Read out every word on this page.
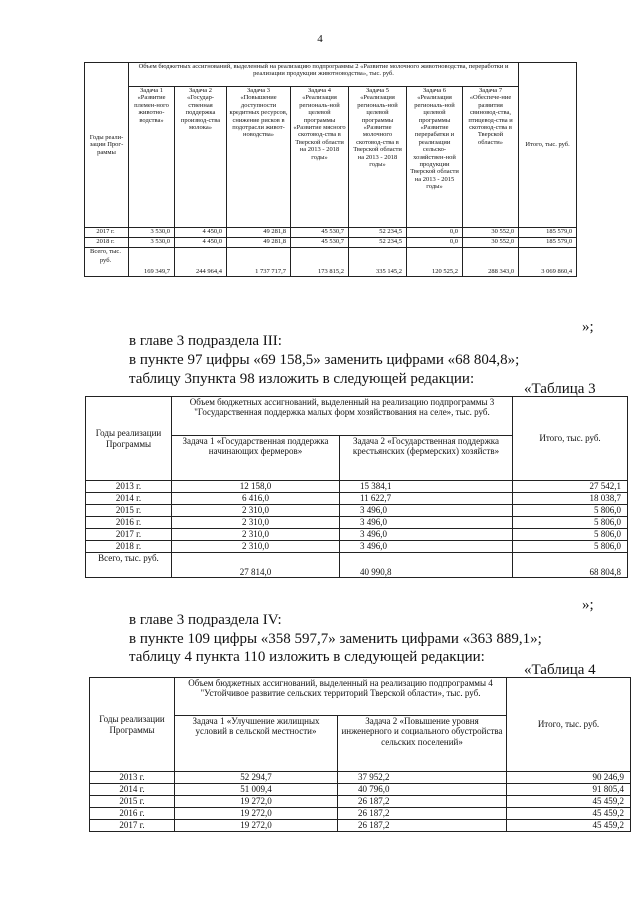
4
Годы реали-зации Прог-раммы	Объем бюджетных ассигнований, выделенный на реализацию подпрограммы 2 «Развитие молочного животноводства, переработки и реализации продукции животноводства», тыс. руб.							Итого, тыс. руб.
	Задача 1 «Развитие племен-ного животно-водства»	Задача 2 «Государ-ственная поддержка производ-ства молока»	Задача 3 «Повышение доступности кредитных ресурсов, снижение рисков в подотрасли живот-новодства»	Задача 4 «Реализация региональ-ной целевой программы «Развитие мясного скотовод-ства в Тверской области на 2013 - 2018 годы»	Задача 5 «Реализация региональ-ной целевой программы «Развитие молочного скотовод-ства в Тверской области на 2013 - 2018 годы»	Задача 6 «Реализация региональ-ной целевой программы «Развитие перерабатки и реализации сельско-хозяйствен-ной продукции Тверской области на 2013 - 2015 годы»	Задача 7 «Обеспече-ние развития свиновод-ства, птицевод-ства и скотовод-ства в Тверской области»	
2017 г.	3 530,0	4 450,0	49 281,8	45 530,7	52 234,5	0,0	30 552,0	185 579,0
2018 г.	3 530,0	4 450,0	49 281,8	45 530,7	52 234,5	0,0	30 552,0	185 579,0
Всего, тыс. руб.	169 349,7	244 964,4	1 737 717,7	173 815,2	335 145,2	120 525,2	288 343,0	3 069 860,4
»;
в главе 3 подраздела III:
в пункте 97 цифры «69 158,5» заменить цифрами «68 804,8»;
таблицу 3пункта 98 изложить в следующей редакции:
«Таблица 3
Годы реализации Программы	Объем бюджетных ассигнований, выделенный на реализацию подпрограммы 3 "Государственная поддержка малых форм хозяйствования на селе», тыс. руб.		Итого, тыс. руб.
	Задача 1 «Государственная поддержка начинающих фермеров»	Задача 2 «Государственная поддержка крестьянских (фермерских) хозяйств»	
2013 г.	12 158,0	15 384,1	27 542,1
2014 г.	6 416,0	11 622,7	18 038,7
2015 г.	2 310,0	3 496,0	5 806,0
2016 г.	2 310,0	3 496,0	5 806,0
2017 г.	2 310,0	3 496,0	5 806,0
2018 г.	2 310,0	3 496,0	5 806,0
Всего, тыс. руб.	27 814,0	40 990,8	68 804,8
»;
в главе 3 подраздела IV:
в пункте 109 цифры «358 597,7» заменить цифрами «363 889,1»;
таблицу 4 пункта 110 изложить в следующей редакции:
«Таблица 4
Годы реализации Программы	Объем бюджетных ассигнований, выделенный на реализацию подпрограммы 4 "Устойчивое развитие сельских территорий Тверской области», тыс. руб.		Итого, тыс. руб.
	Задача 1 «Улучшение жилищных условий в сельской местности»	Задача 2 «Повышение уровня инженерного и социального обустройства сельских поселений»	
2013 г.	52 294,7	37 952,2	90 246,9
2014 г.	51 009,4	40 796,0	91 805,4
2015 г.	19 272,0	26 187,2	45 459,2
2016 г.	19 272,0	26 187,2	45 459,2
2017 г.	19 272,0	26 187,2	45 459,2
